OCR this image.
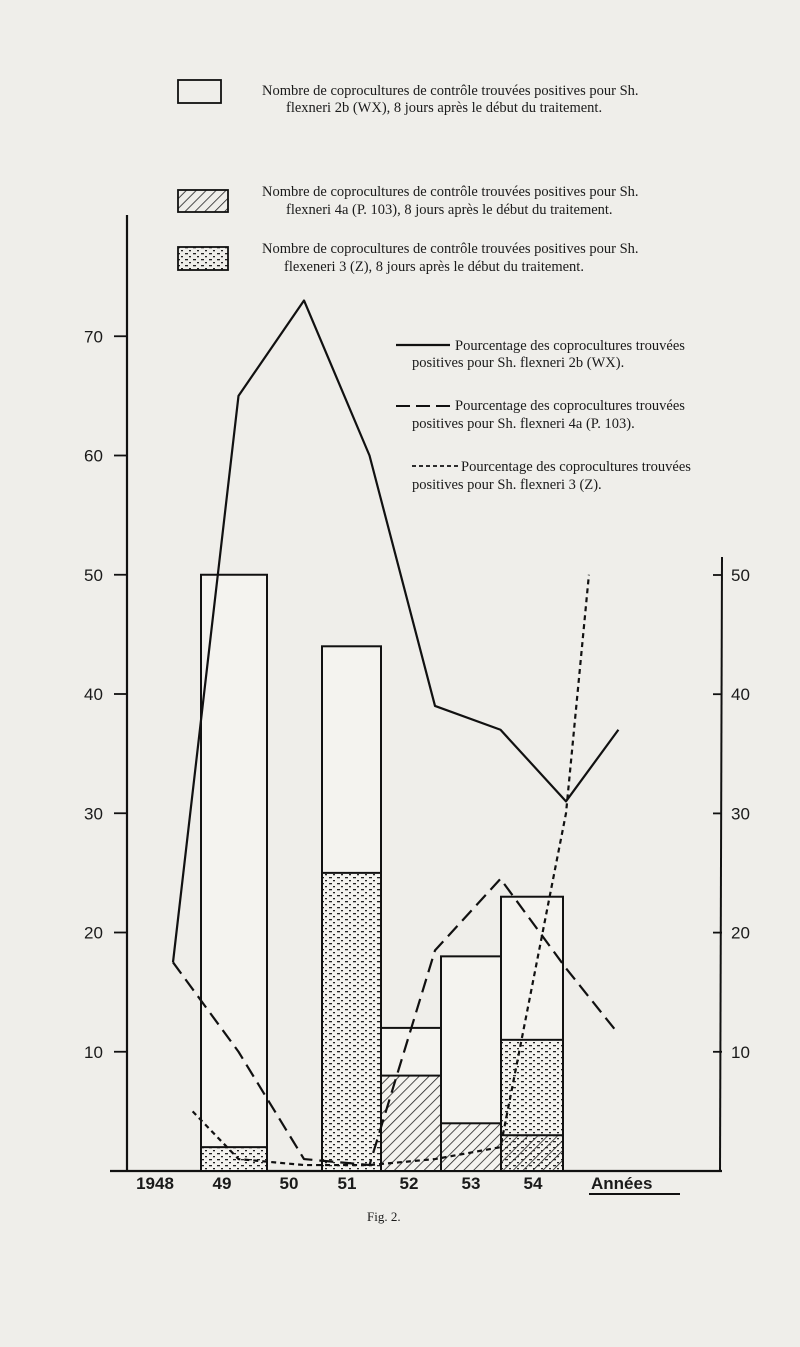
Nombre de coprocultures de contrôle trouvées positives pour Sh.
flexneri 2b (WX), 8 jours après le début du traitement.
Nombre de coprocultures de contrôle trouvées positives pour Sh.
flexneri 4a (P. 103), 8 jours après le début du traitement.
Nombre de coprocultures de contrôle trouvées positives pour Sh.
flexeneri 3 (Z), 8 jours après le début du traitement.
Pourcentage des coprocultures trouvées
positives pour Sh. flexneri 2b (WX).
Pourcentage des coprocultures trouvées
positives pour Sh. flexneri 4a (P. 103).
Pourcentage des coprocultures trouvées
positives pour Sh. flexneri 3 (Z).
10
20
30
40
50
60
70
10
20
30
40
50
1948 49	50 51	52	53	54	Années
Fig. 2.
